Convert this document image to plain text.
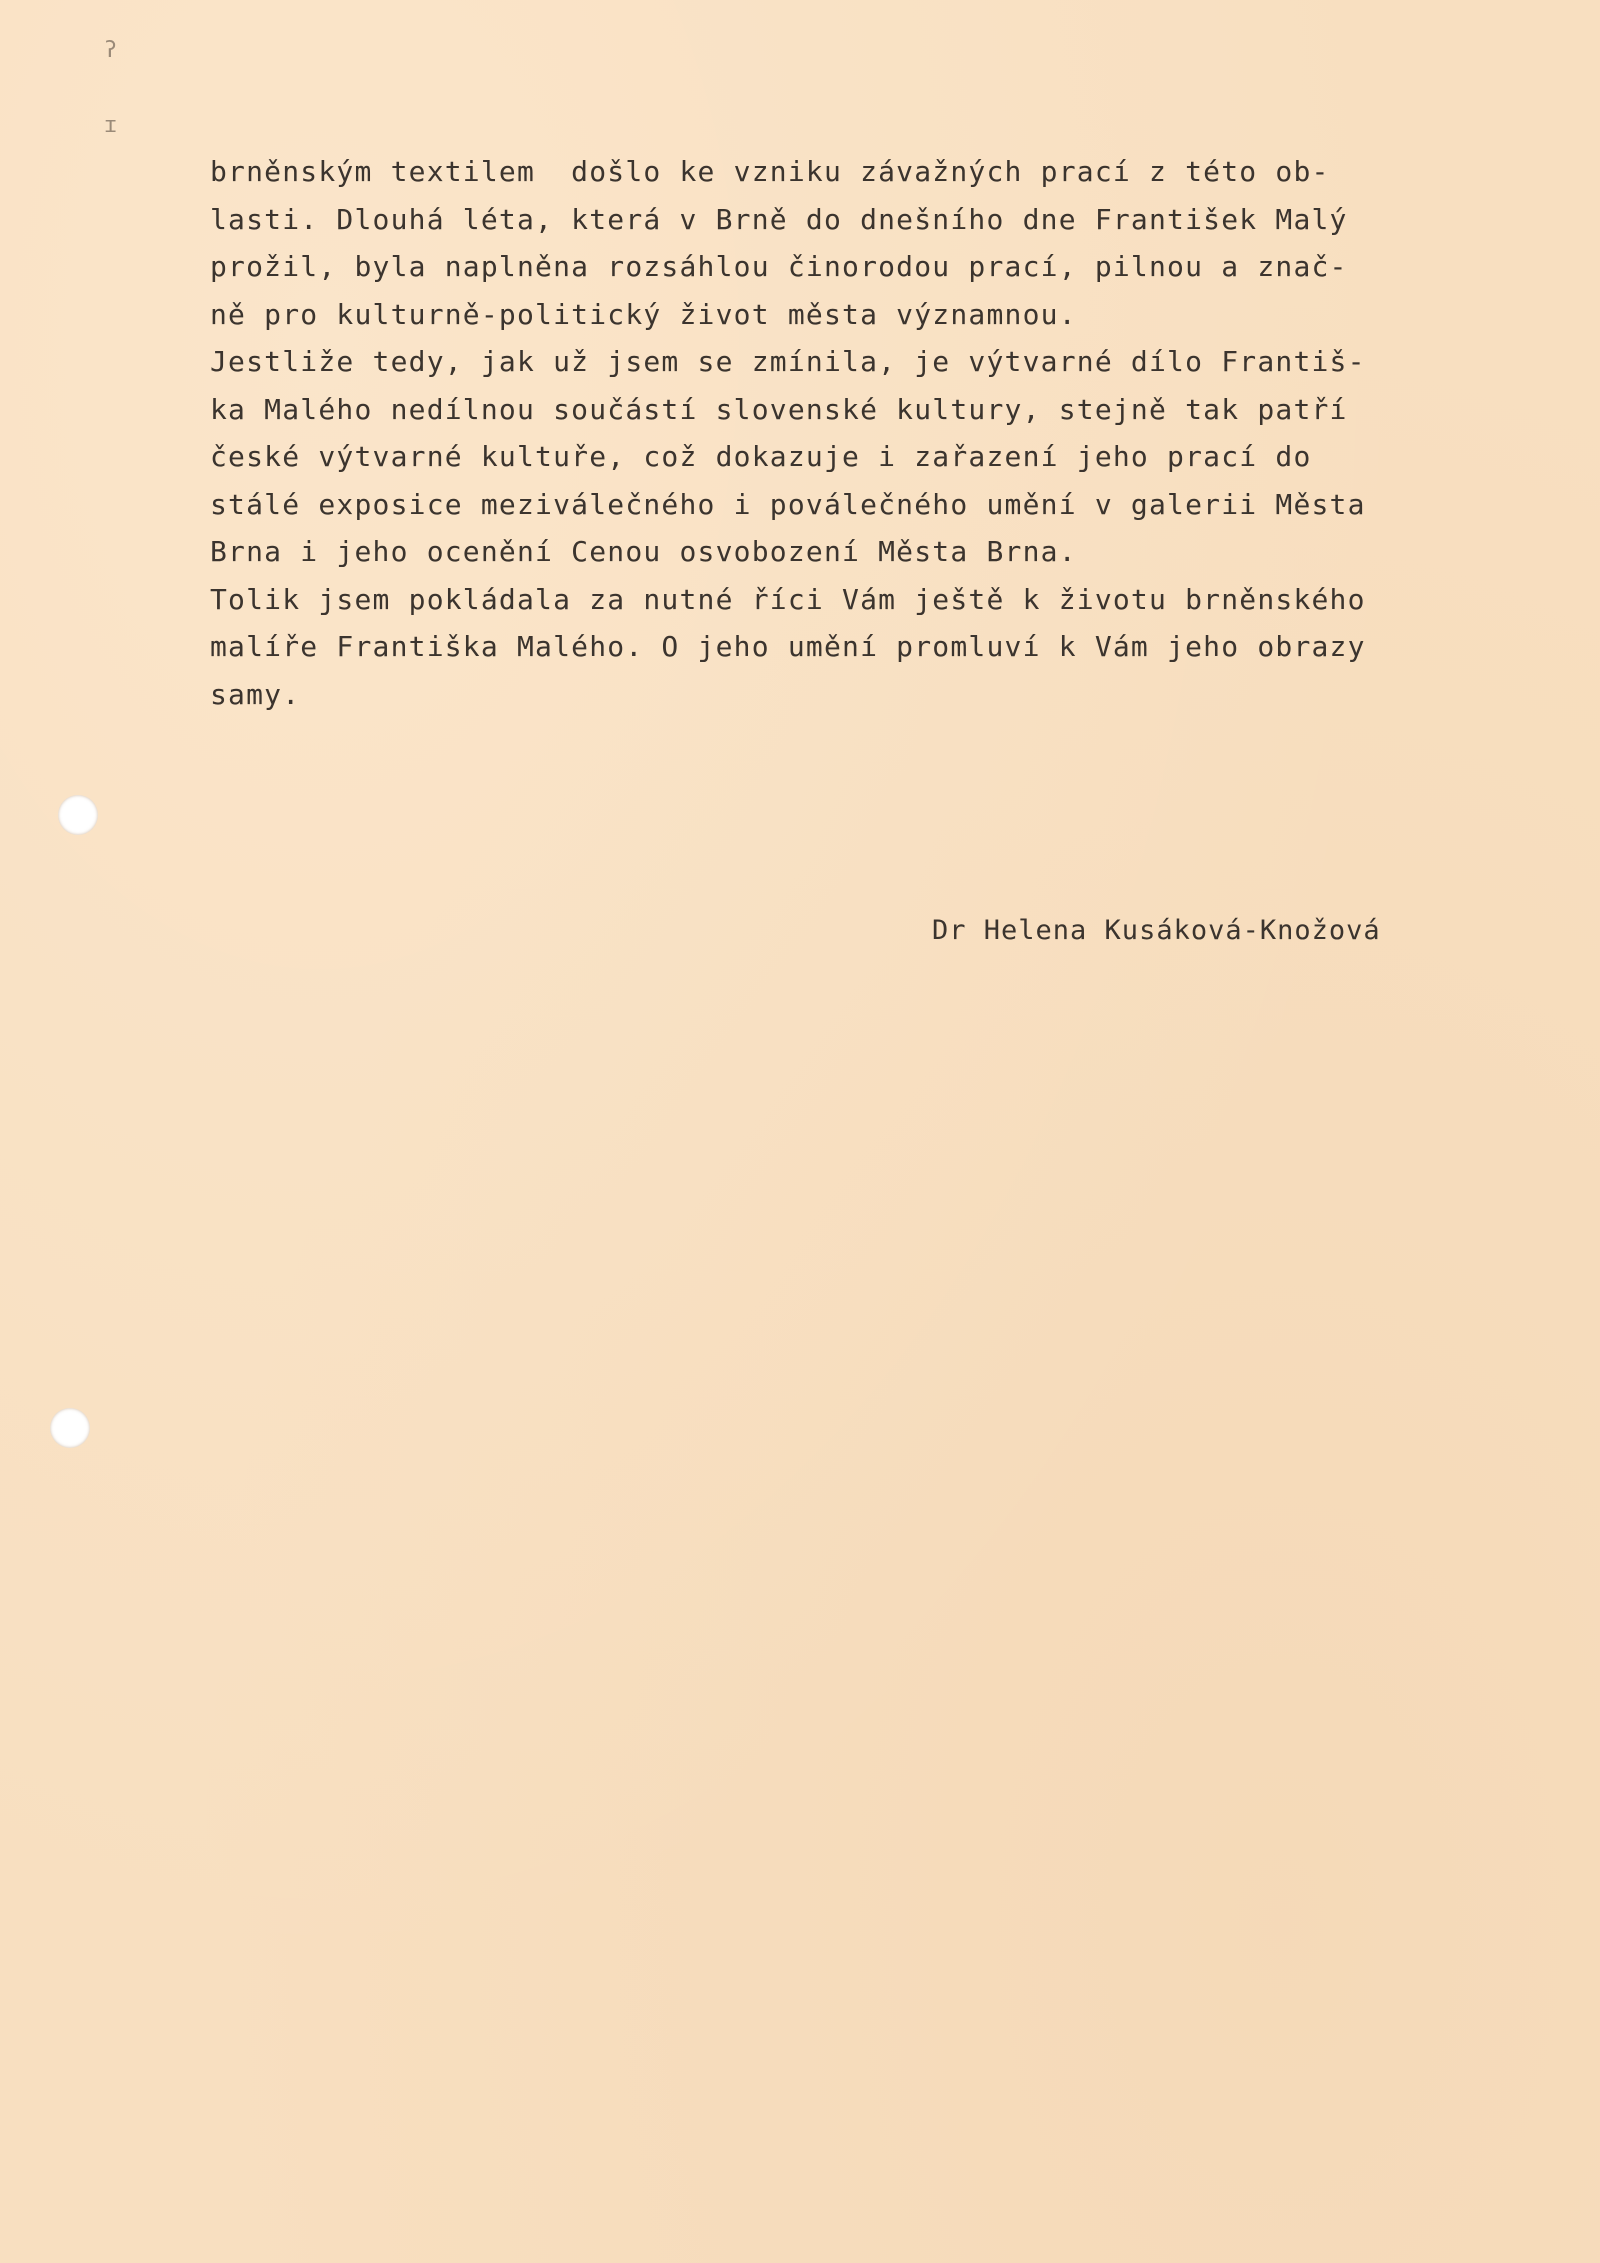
ʔ
ɪ
brněnským textilem  došlo ke vzniku závažných prací z této ob-
lasti. Dlouhá léta, která v Brně do dnešního dne František Malý
prožil, byla naplněna rozsáhlou činorodou prací, pilnou a znač-
ně pro kulturně-politický život města významnou.
Jestliže tedy, jak už jsem se zmínila, je výtvarné dílo Františ-
ka Malého nedílnou součástí slovenské kultury, stejně tak patří
české výtvarné kultuře, což dokazuje i zařazení jeho prací do
stálé exposice meziválečného i poválečného umění v galerii Města
Brna i jeho ocenění Cenou osvobození Města Brna.
Tolik jsem pokládala za nutné říci Vám ještě k životu brněnského
malíře Františka Malého. O jeho umění promluví k Vám jeho obrazy
samy.
Dr Helena Kusáková-Knožová
